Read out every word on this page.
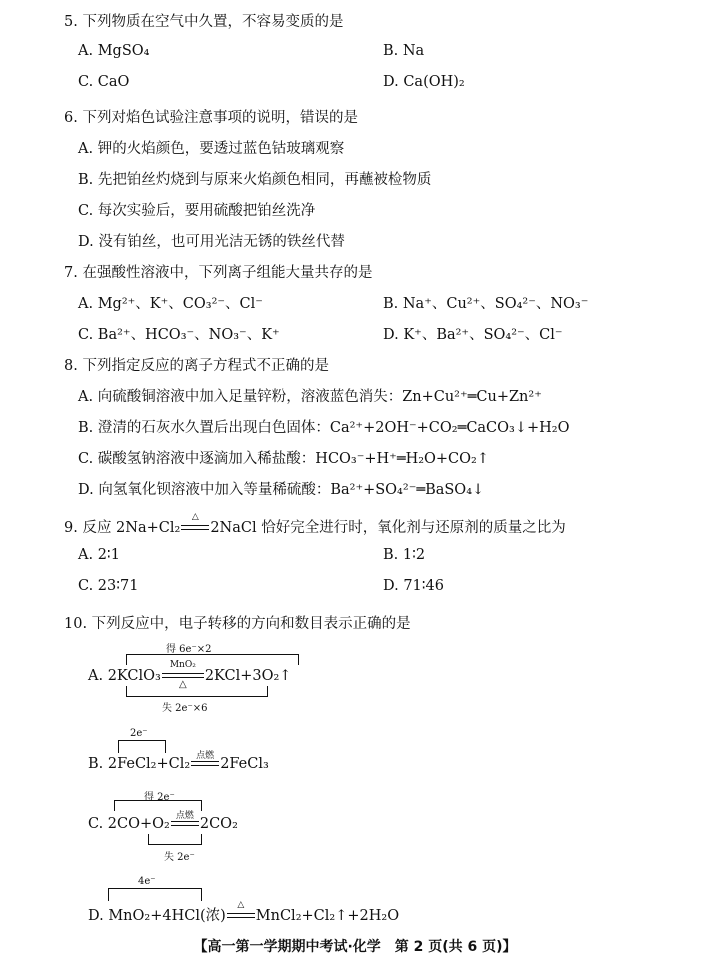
5. 下列物质在空气中久置，不容易变质的是
A. MgSO₄	B. Na
C. CaO	D. Ca(OH)₂
6. 下列对焰色试验注意事项的说明，错误的是
A. 钾的火焰颜色，要透过蓝色钴玻璃观察
B. 先把铂丝灼烧到与原来火焰颜色相同，再蘸被检物质
C. 每次实验后，要用硫酸把铂丝洗净
D. 没有铂丝，也可用光洁无锈的铁丝代替
7. 在强酸性溶液中，下列离子组能大量共存的是
A. Mg²⁺、K⁺、CO₃²⁻、Cl⁻	B. Na⁺、Cu²⁺、SO₄²⁻、NO₃⁻
C. Ba²⁺、HCO₃⁻、NO₃⁻、K⁺	D. K⁺、Ba²⁺、SO₄²⁻、Cl⁻
8. 下列指定反应的离子方程式不正确的是
A. 向硫酸铜溶液中加入足量锌粉，溶液蓝色消失：Zn+Cu²⁺═Cu+Zn²⁺
B. 澄清的石灰水久置后出现白色固体：Ca²⁺+2OH⁻+CO₂═CaCO₃↓+H₂O
C. 碳酸氢钠溶液中逐滴加入稀盐酸：HCO₃⁻+H⁺═H₂O+CO₂↑
D. 向氢氧化钡溶液中加入等量稀硫酸：Ba²⁺+SO₄²⁻═BaSO₄↓
9. 反应 2Na+Cl₂
△
2NaCl 恰好完全进行时，氧化剂与还原剂的质量之比为
A. 2∶1	B. 1∶2
C. 23∶71	D. 71∶46
10. 下列反应中，电子转移的方向和数目表示正确的是
得 6e⁻×2
A. 2KClO₃
MnO₂
△
2KCl+3O₂↑
失 2e⁻×6
2e⁻
B. 2FeCl₂+Cl₂ 点燃 2FeCl₃
得 2e⁻
C. 2CO+O₂ 点燃 2CO₂
失 2e⁻
4e⁻
D. MnO₂+4HCl(浓)
△
MnCl₂+Cl₂↑+2H₂O
【高一第一学期期中考试·化学　第 2 页(共 6 页)】
